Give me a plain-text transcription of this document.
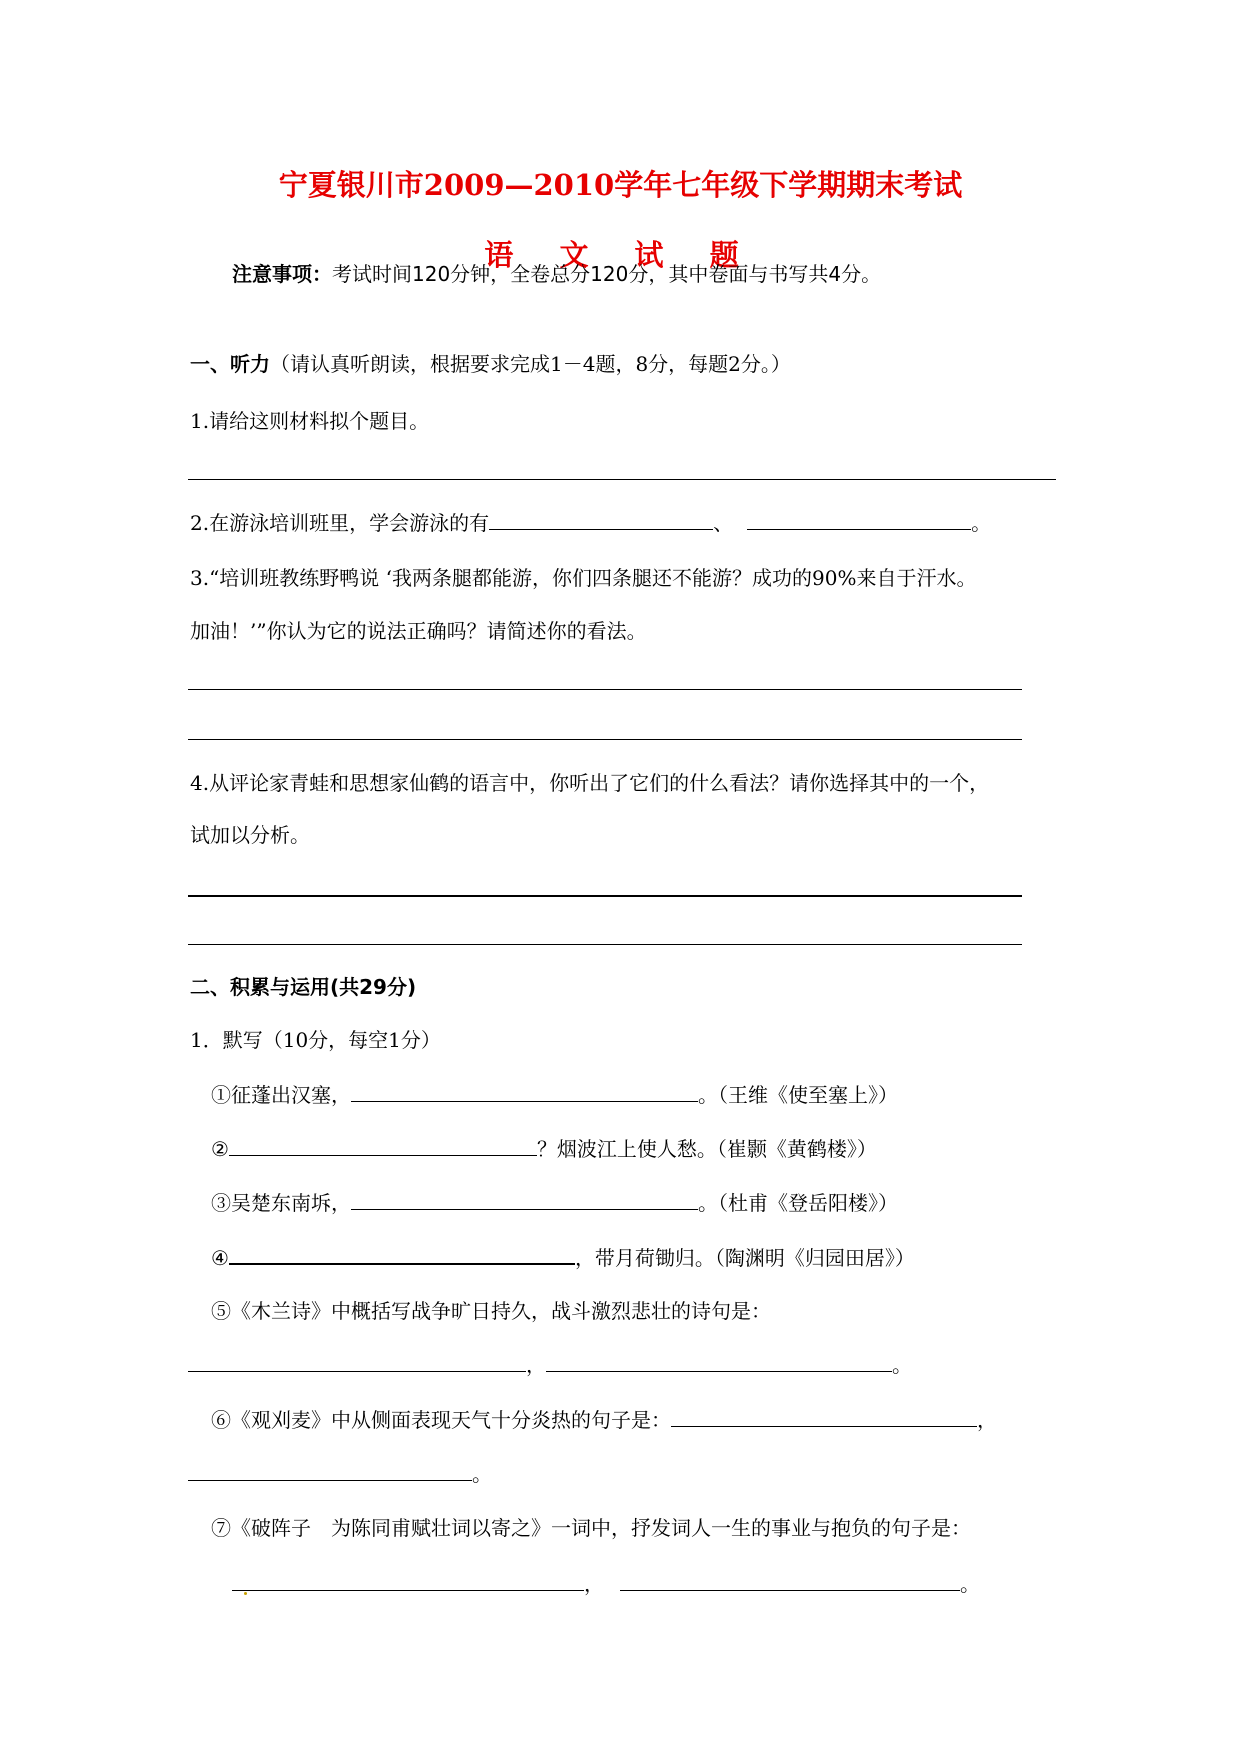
宁夏银川市2009—2010学年七年级下学期期末考试
语 文 试 题
注意事项：考试时间120分钟，全卷总分120分，其中卷面与书写共4分。
一、听力（请认真听朗读，根据要求完成1－4题，8分，每题2分。）
1.请给这则材料拟个题目。
2.在游泳培训班里，学会游泳的有	、	。
3.“培训班教练野鸭说 ‘我两条腿都能游，你们四条腿还不能游？成功的90%来自于汗水。
加油！’”你认为它的说法正确吗？请简述你的看法。
4.从评论家青蛙和思想家仙鹤的语言中，你听出了它们的什么看法？请你选择其中的一个，
试加以分析。
二、积累与运用(共29分)
1．默写（10分，每空1分）
①征蓬出汉塞，	。（王维《使至塞上》）
②	？烟波江上使人愁。（崔颢《黄鹤楼》）
③吴楚东南坼，	。（杜甫《登岳阳楼》）
④	，带月荷锄归。（陶渊明《归园田居》）
⑤《木兰诗》中概括写战争旷日持久，战斗激烈悲壮的诗句是：
，	。
⑥《观刈麦》中从侧面表现天气十分炎热的句子是：	，
。
⑦《破阵子　为陈同甫赋壮词以寄之》一词中，抒发词人一生的事业与抱负的句子是：
，	。
